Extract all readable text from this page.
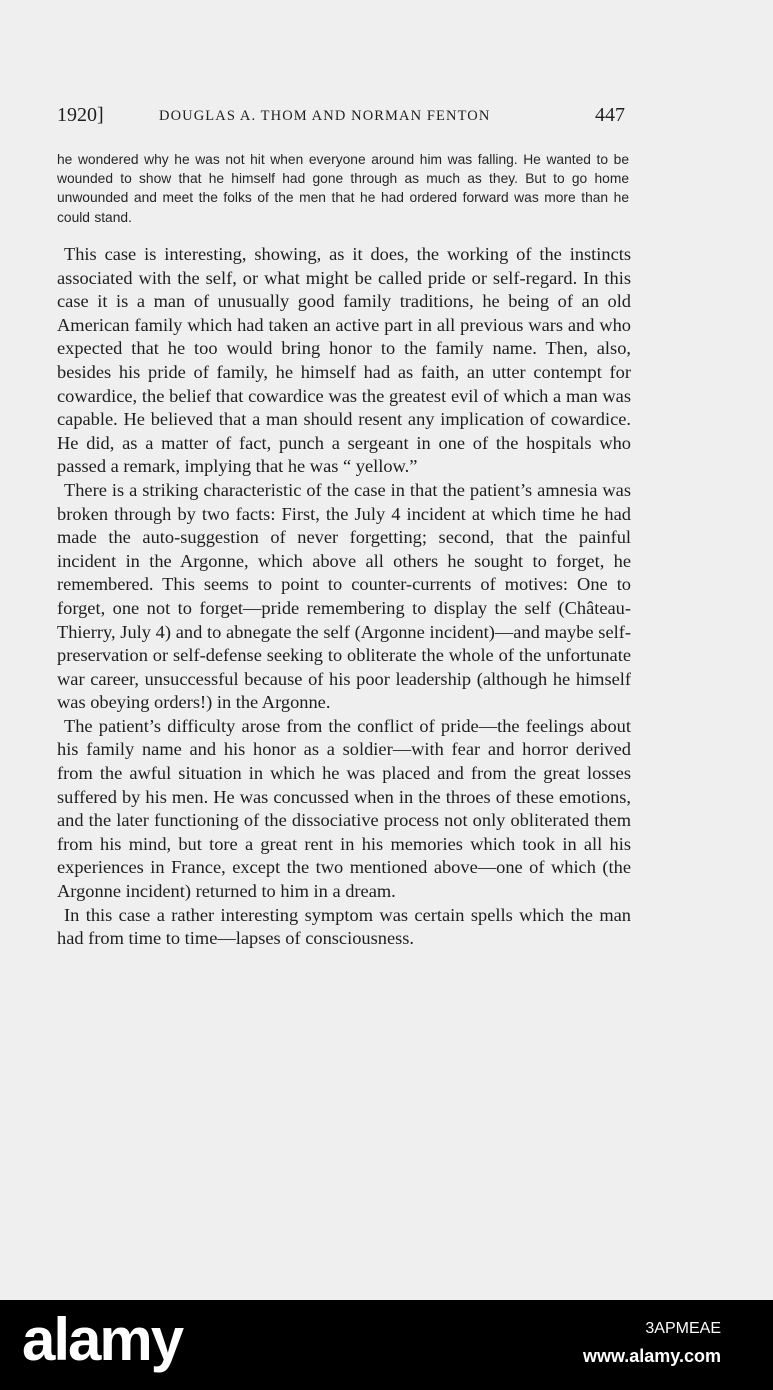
1920]	DOUGLAS A. THOM AND NORMAN FENTON	447
he wondered why he was not hit when everyone around him was falling. He wanted to be wounded to show that he himself had gone through as much as they. But to go home unwounded and meet the folks of the men that he had ordered forward was more than he could stand.

This case is interesting, showing, as it does, the working of the instincts associated with the self, or what might be called pride or self-regard. In this case it is a man of unusually good family traditions, he being of an old American family which had taken an active part in all previous wars and who expected that he too would bring honor to the family name. Then, also, besides his pride of family, he himself had as faith, an utter contempt for cowardice, the belief that cowardice was the greatest evil of which a man was capable. He believed that a man should resent any implication of cowardice. He did, as a matter of fact, punch a sergeant in one of the hospitals who passed a remark, implying that he was “ yellow.”

There is a striking characteristic of the case in that the patient’s amnesia was broken through by two facts: First, the July 4 incident at which time he had made the auto-suggestion of never forgetting; second, that the painful incident in the Argonne, which above all others he sought to forget, he remembered. This seems to point to counter-currents of motives: One to forget, one not to forget—pride remembering to display the self (Château-Thierry, July 4) and to abnegate the self (Argonne incident)—and maybe self-preservation or self-defense seeking to obliterate the whole of the unfortunate war career, unsuccessful because of his poor leadership (although he himself was obeying orders!) in the Argonne.

The patient’s difficulty arose from the conflict of pride—the feelings about his family name and his honor as a soldier—with fear and horror derived from the awful situation in which he was placed and from the great losses suffered by his men. He was concussed when in the throes of these emotions, and the later functioning of the dissociative process not only obliterated them from his mind, but tore a great rent in his memories which took in all his experiences in France, except the two mentioned above—one of which (the Argonne incident) returned to him in a dream.

In this case a rather interesting symptom was certain spells which the man had from time to time—lapses of consciousness.

alamy	3APMEAE
www.alamy.com
